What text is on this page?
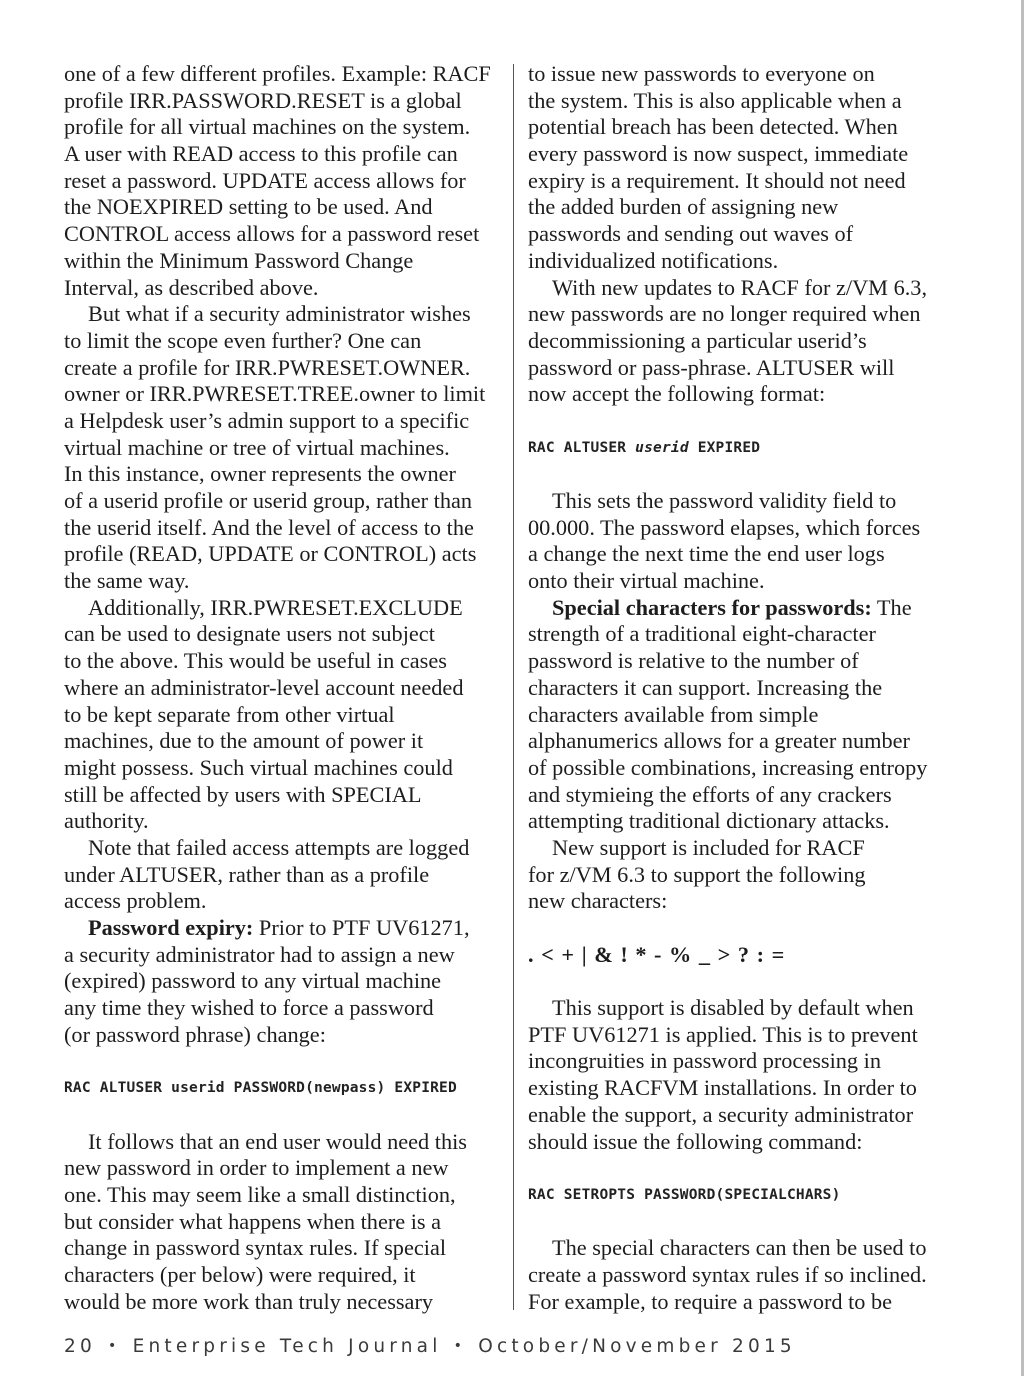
one of a few different profiles. Example: RACF
profile IRR.PASSWORD.RESET is a global
profile for all virtual machines on the system.
A user with READ access to this profile can
reset a password. UPDATE access allows for
the NOEXPIRED setting to be used. And
CONTROL access allows for a password reset
within the Minimum Password Change
Interval, as described above.
But what if a security administrator wishes
to limit the scope even further? One can
create a profile for IRR.PWRESET.OWNER.
owner or IRR.PWRESET.TREE.owner to limit
a Helpdesk user’s admin support to a specific
virtual machine or tree of virtual machines.
In this instance, owner represents the owner
of a userid profile or userid group, rather than
the userid itself. And the level of access to the
profile (READ, UPDATE or CONTROL) acts
the same way.
Additionally, IRR.PWRESET.EXCLUDE
can be used to designate users not subject
to the above. This would be useful in cases
where an administrator-level account needed
to be kept separate from other virtual
machines, due to the amount of power it
might possess. Such virtual machines could
still be affected by users with SPECIAL
authority.
Note that failed access attempts are logged
under ALTUSER, rather than as a profile
access problem.
Password expiry: Prior to PTF UV61271,
a security administrator had to assign a new
(expired) password to any virtual machine
any time they wished to force a password
(or password phrase) change:
RAC ALTUSER userid PASSWORD(newpass) EXPIRED
It follows that an end user would need this
new password in order to implement a new
one. This may seem like a small distinction,
but consider what happens when there is a
change in password syntax rules. If special
characters (per below) were required, it
would be more work than truly necessary
to issue new passwords to everyone on
the system. This is also applicable when a
potential breach has been detected. When
every password is now suspect, immediate
expiry is a requirement. It should not need
the added burden of assigning new
passwords and sending out waves of
individualized notifications.
With new updates to RACF for z/VM 6.3,
new passwords are no longer required when
decommissioning a particular userid’s
password or pass-phrase. ALTUSER will
now accept the following format:
RAC ALTUSER userid EXPIRED
This sets the password validity field to
00.000. The password elapses, which forces
a change the next time the end user logs
onto their virtual machine.
Special characters for passwords: The
strength of a traditional eight-character
password is relative to the number of
characters it can support. Increasing the
characters available from simple
alphanumerics allows for a greater number
of possible combinations, increasing entropy
and stymieing the efforts of any crackers
attempting traditional dictionary attacks.
New support is included for RACF
for z/VM 6.3 to support the following
new characters:
. < + | & ! * - % _ > ? : =
This support is disabled by default when
PTF UV61271 is applied. This is to prevent
incongruities in password processing in
existing RACFVM installations. In order to
enable the support, a security administrator
should issue the following command:
RAC SETROPTS PASSWORD(SPECIALCHARS)
The special characters can then be used to
create a password syntax rules if so inclined.
For example, to require a password to be
20 • Enterprise Tech Journal • October/November 2015
